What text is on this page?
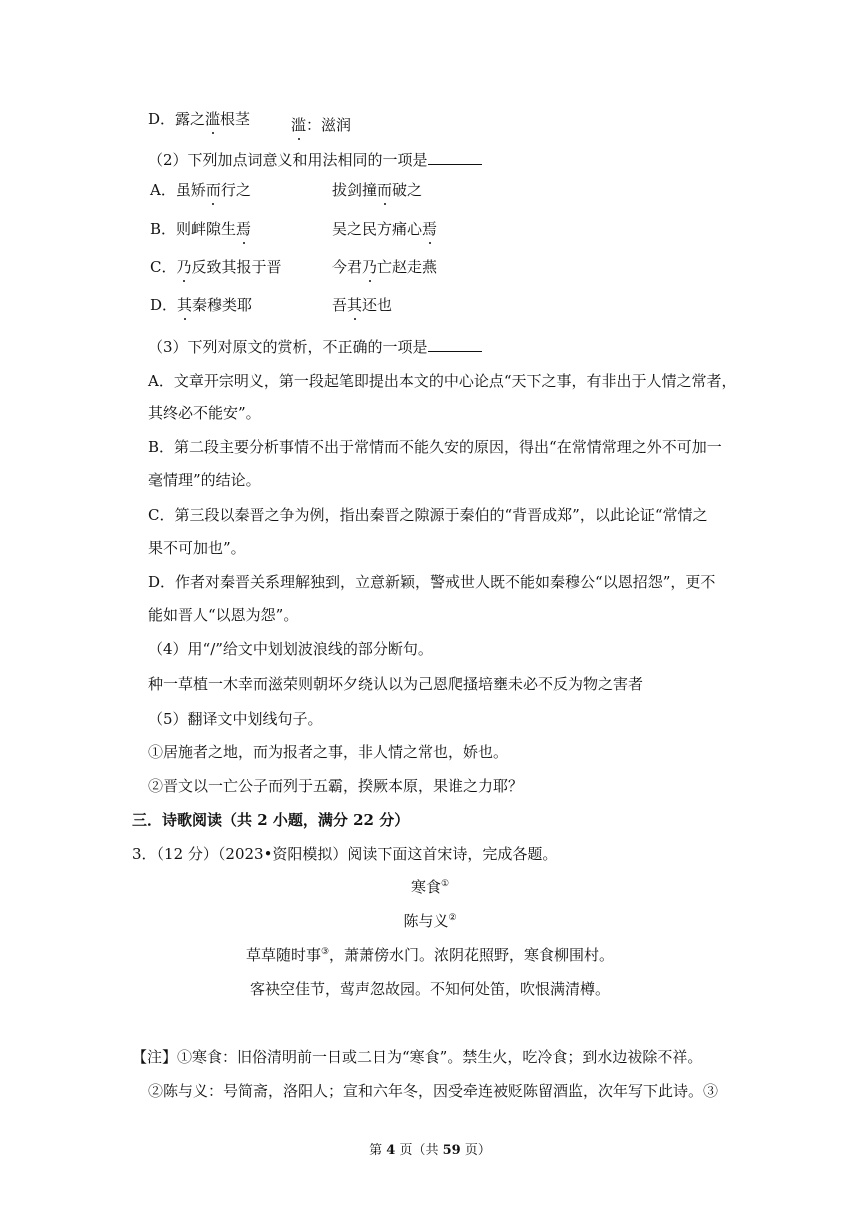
D．露之滥根茎	滥：滋润
（2）下列加点词意义和用法相同的一项是
A．虽矫而行之	拔剑撞而破之
B．则衅隙生焉	吴之民方痛心焉
C．乃反致其报于晋	今君乃亡赵走燕
D．其秦穆类耶	吾其还也
（3）下列对原文的赏析，不正确的一项是
A．文章开宗明义，第一段起笔即提出本文的中心论点“天下之事，有非出于人情之常者，
其终必不能安”。
B．第二段主要分析事情不出于常情而不能久安的原因，得出“在常情常理之外不可加一
毫情理”的结论。
C．第三段以秦晋之争为例，指出秦晋之隙源于秦伯的“背晋成郑”，以此论证“常情之
果不可加也”。
D．作者对秦晋关系理解独到，立意新颖，警戒世人既不能如秦穆公“以恩招怨”，更不
能如晋人“以恩为怨”。
（4）用“/”给文中划划波浪线的部分断句。
种一草植一木幸而滋荣则朝坏夕绕认以为己恩爬搔培壅未必不反为物之害者
（5）翻译文中划线句子。
①居施者之地，而为报者之事，非人情之常也，娇也。
②晋文以一亡公子而列于五霸，揆厥本原，果谁之力耶？
三．诗歌阅读（共 2 小题，满分 22 分）
3．（12 分）（2023•资阳模拟）阅读下面这首宋诗，完成各题。
寒食①
陈与义②
草草随时事③，萧萧傍水门。浓阴花照野，寒食柳围村。
客袂空佳节，莺声忽故园。不知何处笛，吹恨满清樽。
【注】①寒食：旧俗清明前一日或二日为“寒食”。禁生火，吃冷食；到水边祓除不祥。
②陈与义：号简斋，洛阳人；宣和六年冬，因受牵连被贬陈留酒监，次年写下此诗。③
第 4 页（共 59 页）
